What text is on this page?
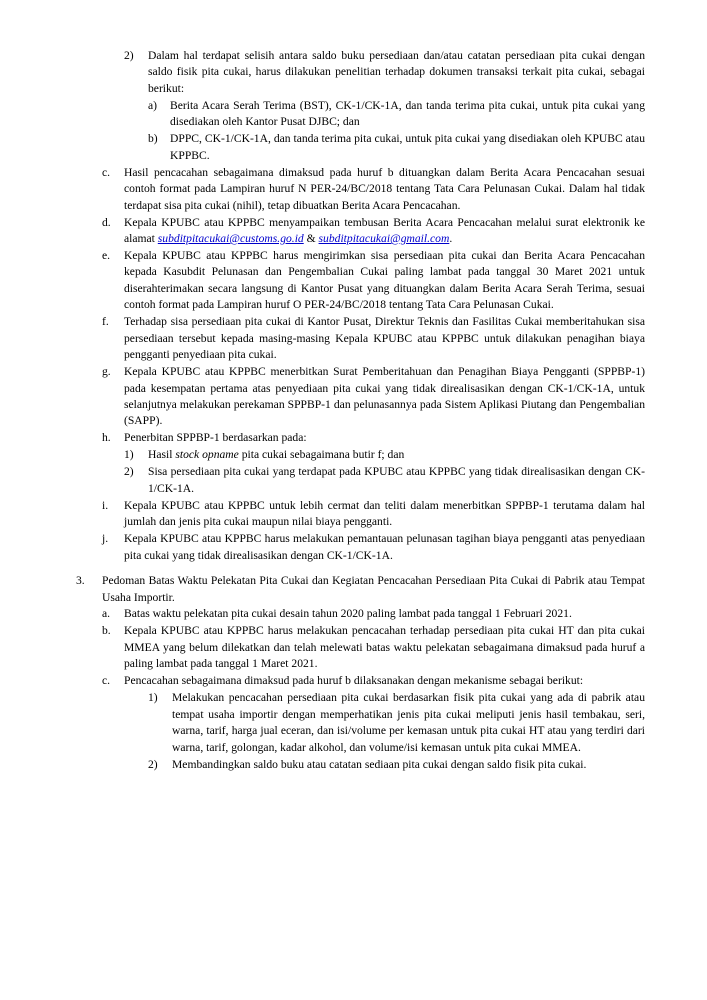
2)	Dalam hal terdapat selisih antara saldo buku persediaan dan/atau catatan persediaan pita cukai dengan saldo fisik pita cukai, harus dilakukan penelitian terhadap dokumen transaksi terkait pita cukai, sebagai berikut:
a)	Berita Acara Serah Terima (BST), CK-1/CK-1A, dan tanda terima pita cukai, untuk pita cukai yang disediakan oleh Kantor Pusat DJBC; dan
b)	DPPC, CK-1/CK-1A, dan tanda terima pita cukai, untuk pita cukai yang disediakan oleh KPUBC atau KPPBC.
c.	Hasil pencacahan sebagaimana dimaksud pada huruf b dituangkan dalam Berita Acara Pencacahan sesuai contoh format pada Lampiran huruf N PER-24/BC/2018 tentang Tata Cara Pelunasan Cukai. Dalam hal tidak terdapat sisa pita cukai (nihil), tetap dibuatkan Berita Acara Pencacahan.
d.	Kepala KPUBC atau KPPBC menyampaikan tembusan Berita Acara Pencacahan melalui surat elektronik ke alamat subditpitacukai@customs.go.id & subditpitacukai@gmail.com.
e.	Kepala KPUBC atau KPPBC harus mengirimkan sisa persediaan pita cukai dan Berita Acara Pencacahan kepada Kasubdit Pelunasan dan Pengembalian Cukai paling lambat pada tanggal 30 Maret 2021 untuk diserahterimakan secara langsung di Kantor Pusat yang dituangkan dalam Berita Acara Serah Terima, sesuai contoh format pada Lampiran huruf O PER-24/BC/2018 tentang Tata Cara Pelunasan Cukai.
f.	Terhadap sisa persediaan pita cukai di Kantor Pusat, Direktur Teknis dan Fasilitas Cukai memberitahukan sisa persediaan tersebut kepada masing-masing Kepala KPUBC atau KPPBC untuk dilakukan penagihan biaya pengganti penyediaan pita cukai.
g.	Kepala KPUBC atau KPPBC menerbitkan Surat Pemberitahuan dan Penagihan Biaya Pengganti (SPPBP-1) pada kesempatan pertama atas penyediaan pita cukai yang tidak direalisasikan dengan CK-1/CK-1A, untuk selanjutnya melakukan perekaman SPPBP-1 dan pelunasannya pada Sistem Aplikasi Piutang dan Pengembalian (SAPP).
h.	Penerbitan SPPBP-1 berdasarkan pada:
1)	Hasil stock opname pita cukai sebagaimana butir f; dan
2)	Sisa persediaan pita cukai yang terdapat pada KPUBC atau KPPBC yang tidak direalisasikan dengan CK-1/CK-1A.
i.	Kepala KPUBC atau KPPBC untuk lebih cermat dan teliti dalam menerbitkan SPPBP-1 terutama dalam hal jumlah dan jenis pita cukai maupun nilai biaya pengganti.
j.	Kepala KPUBC atau KPPBC harus melakukan pemantauan pelunasan tagihan biaya pengganti atas penyediaan pita cukai yang tidak direalisasikan dengan CK-1/CK-1A.
3.	Pedoman Batas Waktu Pelekatan Pita Cukai dan Kegiatan Pencacahan Persediaan Pita Cukai di Pabrik atau Tempat Usaha Importir.
a.	Batas waktu pelekatan pita cukai desain tahun 2020 paling lambat pada tanggal 1 Februari 2021.
b.	Kepala KPUBC atau KPPBC harus melakukan pencacahan terhadap persediaan pita cukai HT dan pita cukai MMEA yang belum dilekatkan dan telah melewati batas waktu pelekatan sebagaimana dimaksud pada huruf a paling lambat pada tanggal 1 Maret 2021.
c.	Pencacahan sebagaimana dimaksud pada huruf b dilaksanakan dengan mekanisme sebagai berikut:
1)	Melakukan pencacahan persediaan pita cukai berdasarkan fisik pita cukai yang ada di pabrik atau tempat usaha importir dengan memperhatikan jenis pita cukai meliputi jenis hasil tembakau, seri, warna, tarif, harga jual eceran, dan isi/volume per kemasan untuk pita cukai HT atau yang terdiri dari warna, tarif, golongan, kadar alkohol, dan volume/isi kemasan untuk pita cukai MMEA.
2)	Membandingkan saldo buku atau catatan sediaan pita cukai dengan saldo fisik pita cukai.
